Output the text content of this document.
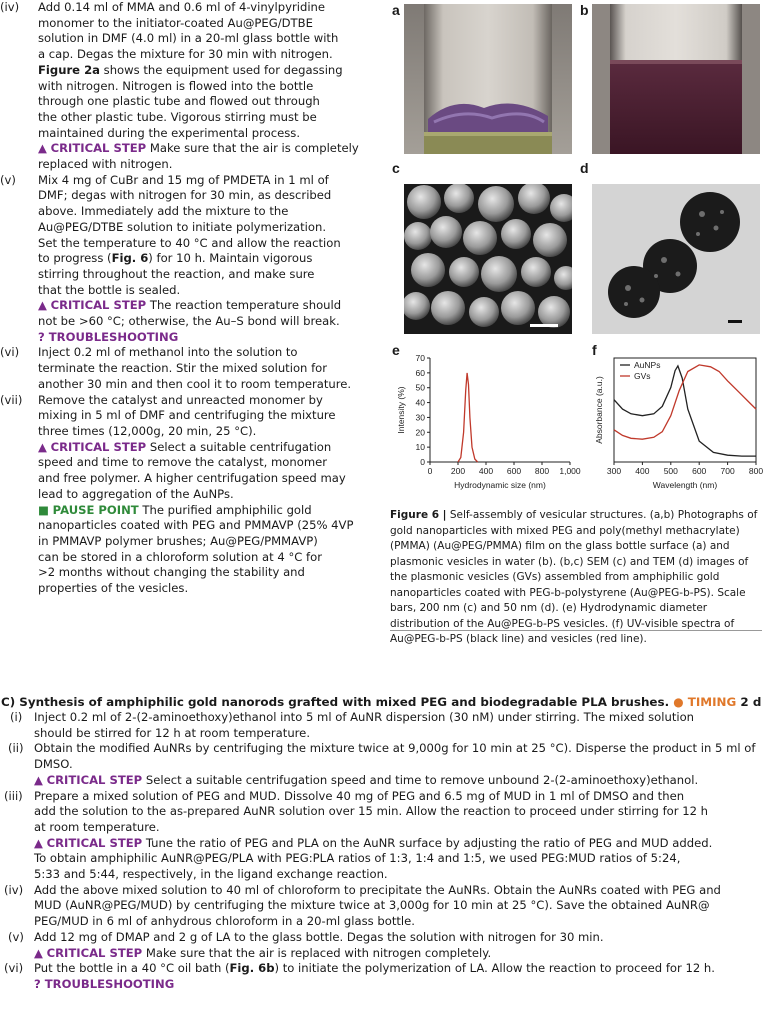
(iv)	Add 0.14 ml of MMA and 0.6 ml of 4-vinylpyridine
monomer to the initiator-coated Au@PEG/DTBE
solution in DMF (4.0 ml) in a 20-ml glass bottle with
a cap. Degas the mixture for 30 min with nitrogen.
Figure 2a shows the equipment used for degassing
with nitrogen. Nitrogen is flowed into the bottle
through one plastic tube and flowed out through
the other plastic tube. Vigorous stirring must be
maintained during the experimental process.
▲ CRITICAL STEP Make sure that the air is completely
replaced with nitrogen.
(v)	Mix 4 mg of CuBr and 15 mg of PMDETA in 1 ml of
DMF; degas with nitrogen for 30 min, as described
above. Immediately add the mixture to the
Au@PEG/DTBE solution to initiate polymerization.
Set the temperature to 40 °C and allow the reaction
to progress (Fig. 6) for 10 h. Maintain vigorous
stirring throughout the reaction, and make sure
that the bottle is sealed.
▲ CRITICAL STEP The reaction temperature should
not be >60 °C; otherwise, the Au–S bond will break.
? TROUBLESHOOTING
(vi)	Inject 0.2 ml of methanol into the solution to
terminate the reaction. Stir the mixed solution for
another 30 min and then cool it to room temperature.
(vii)	Remove the catalyst and unreacted monomer by
mixing in 5 ml of DMF and centrifuging the mixture
three times (12,000g, 20 min, 25 °C).
▲ CRITICAL STEP Select a suitable centrifugation
speed and time to remove the catalyst, monomer
and free polymer. A higher centrifugation speed may
lead to aggregation of the AuNPs.
■ PAUSE POINT The purified amphiphilic gold
nanoparticles coated with PEG and PMMAVP (25% 4VP
in PMMAVP polymer brushes; Au@PEG/PMMAVP)
can be stored in a chloroform solution at 4 °C for
>2 months without changing the stability and
properties of the vesicles.
a	b
c	d
e	f
0
10
20
30
40
50
60
70
0 200 400 600 800 1,000
Hydrodynamic size (nm)
Intensity (%)
300 400 500 600 700 800
Wavelength (nm)
Absorbance (a.u.)
AuNPs
GVs
Figure 6 | Self-assembly of vesicular structures. (a,b) Photographs of gold nanoparticles with mixed PEG and poly(methyl methacrylate) (PMMA) (Au@PEG/PMMA) film on the glass bottle surface (a) and plasmonic vesicles in water (b). (b,c) SEM (c) and TEM (d) images of the plasmonic vesicles (GVs) assembled from amphiphilic gold nanoparticles coated with PEG-b-polystyrene (Au@PEG-b-PS). Scale bars, 200 nm (c) and 50 nm (d). (e) Hydrodynamic diameter distribution of the Au@PEG-b-PS vesicles. (f) UV-visible spectra of Au@PEG-b-PS (black line) and vesicles (red line).
C) Synthesis of amphiphilic gold nanorods grafted with mixed PEG and biodegradable PLA brushes. ● TIMING 2 d
(i)	Inject 0.2 ml of 2-(2-aminoethoxy)ethanol into 5 ml of AuNR dispersion (30 nM) under stirring. The mixed solution
should be stirred for 12 h at room temperature.
(ii) Obtain the modified AuNRs by centrifuging the mixture twice at 9,000g for 10 min at 25 °C). Disperse the product in 5 ml of DMSO.
▲ CRITICAL STEP Select a suitable centrifugation speed and time to remove unbound 2-(2-aminoethoxy)ethanol.
(iii) Prepare a mixed solution of PEG and MUD. Dissolve 40 mg of PEG and 6.5 mg of MUD in 1 ml of DMSO and then
add the solution to the as-prepared AuNR solution over 15 min. Allow the reaction to proceed under stirring for 12 h
at room temperature.
▲ CRITICAL STEP Tune the ratio of PEG and PLA on the AuNR surface by adjusting the ratio of PEG and MUD added.
To obtain amphiphilic AuNR@PEG/PLA with PEG:PLA ratios of 1:3, 1:4 and 1:5, we used PEG:MUD ratios of 5:24,
5:33 and 5:44, respectively, in the ligand exchange reaction.
(iv) Add the above mixed solution to 40 ml of chloroform to precipitate the AuNRs. Obtain the AuNRs coated with PEG and
MUD (AuNR@PEG/MUD) by centrifuging the mixture twice at 3,000g for 10 min at 25 °C). Save the obtained AuNR@
PEG/MUD in 6 ml of anhydrous chloroform in a 20-ml glass bottle.
(v) Add 12 mg of DMAP and 2 g of LA to the glass bottle. Degas the solution with nitrogen for 30 min.
▲ CRITICAL STEP Make sure that the air is replaced with nitrogen completely.
(vi) Put the bottle in a 40 °C oil bath (Fig. 6b) to initiate the polymerization of LA. Allow the reaction to proceed for 12 h.
? TROUBLESHOOTING
